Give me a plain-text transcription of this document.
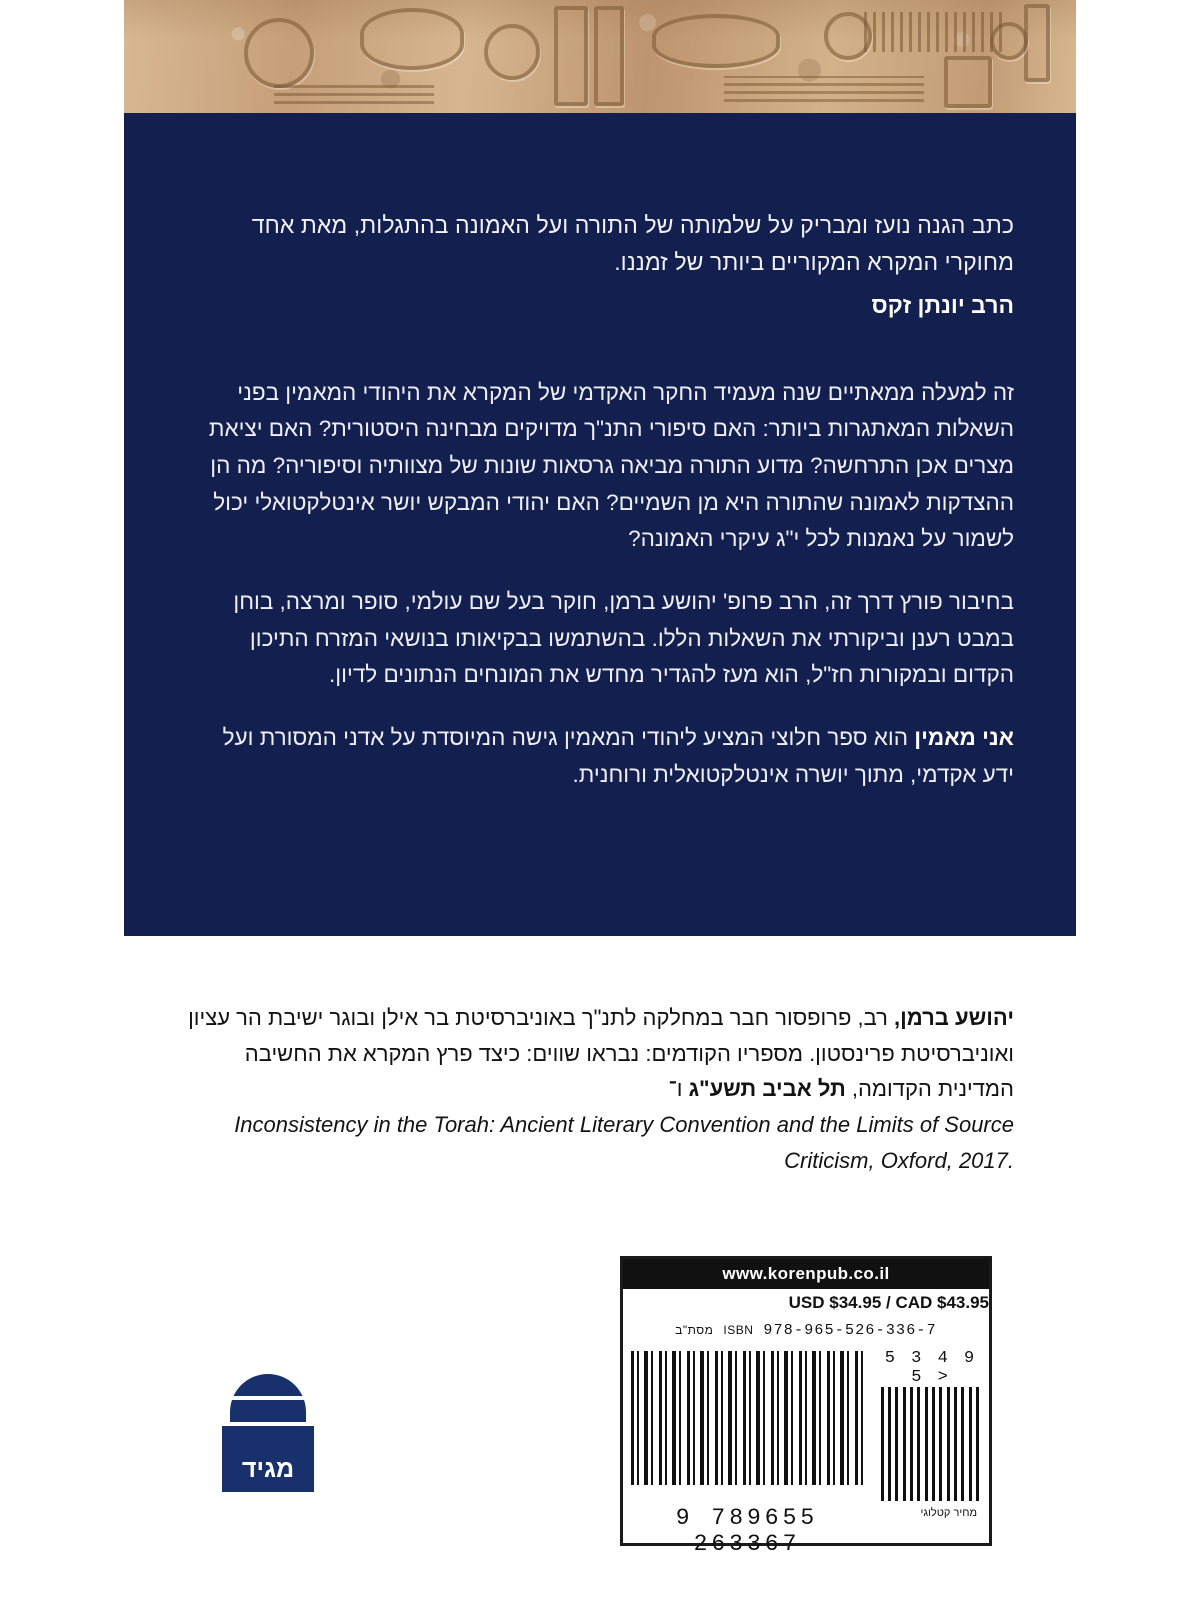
כתב הגנה נועז ומבריק על שלמותה של התורה ועל האמונה בהתגלות, מאת אחד מחוקרי המקרא המקוריים ביותר של זמננו.

הרב יונתן זקס

זה למעלה ממאתיים שנה מעמיד החקר האקדמי של המקרא את היהודי המאמין בפני השאלות המאתגרות ביותר: האם סיפורי התנ"ך מדויקים מבחינה היסטורית? האם יציאת מצרים אכן התרחשה? מדוע התורה מביאה גרסאות שונות של מצוותיה וסיפוריה? מה הן ההצדקות לאמונה שהתורה היא מן השמיים? האם יהודי המבקש יושר אינטלקטואלי יכול לשמור על נאמנות לכל י"ג עיקרי האמונה?

בחיבור פורץ דרך זה, הרב פרופ' יהושע ברמן, חוקר בעל שם עולמי, סופר ומרצה, בוחן במבט רענן וביקורתי את השאלות הללו. בהשתמשו בבקיאותו בנושאי המזרח התיכון הקדום ובמקורות חז"ל, הוא מעז להגדיר מחדש את המונחים הנתונים לדיון.

אני מאמין הוא ספר חלוצי המציע ליהודי המאמין גישה המיוסדת על אדני המסורת ועל ידע אקדמי, מתוך יושרה אינטלקטואלית ורוחנית.

יהושע ברמן, רב, פרופסור חבר במחלקה לתנ"ך באוניברסיטת בר אילן ובוגר ישיבת הר עציון ואוניברסיטת פרינסטון. מספריו הקודמים: נבראו שווים: כיצד פרץ המקרא את החשיבה המדינית הקדומה, תל אביב תשע"ג ו־Inconsistency in the Torah: Ancient Literary Convention and the Limits of Source Criticism, Oxford, 2017.
מגיד
www.korenpub.co.il
USD $34.95 / CAD $43.95
מסת"ב ISBN 978-965-526-336-7
5 3 4 9 5 >
9 789655 263367
מחיר קטלוגי
